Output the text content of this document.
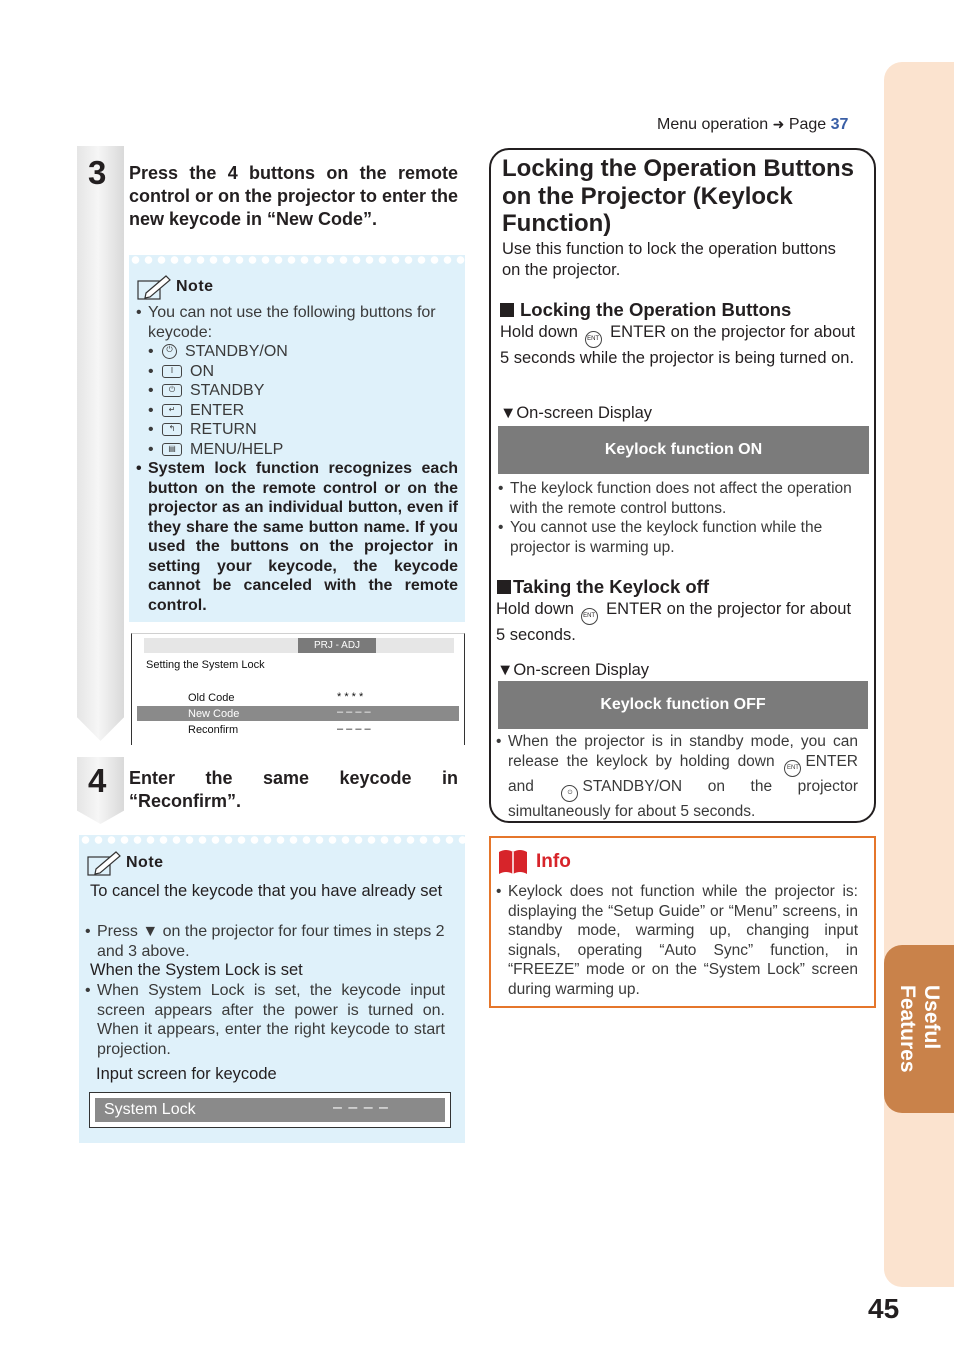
Useful
Features
45
Menu operation ➜ Page 37
3 Press the 4 buttons on the remote control or on the projector to enter the new keycode in “New Code”.
Note
• You can not use the following buttons for keycode:
•	⏻ STANDBY/ON
•	I	ON
•	⏻ STANDBY
•	↵ ENTER
•	↰ RETURN
•	▤ MENU/HELP
• System lock function recognizes each button on the remote control or on the projector as an individual button, even if they share the same button name. If you used the buttons on the projector in setting your keycode, the keycode cannot be canceled with the remote control.
PRJ - ADJ
Setting the System Lock
Old Code	* * * *
New Code	– – – –
Reconfirm	– – – –
4 Enter the same keycode in “Reconfirm”.
Note
To cancel the keycode that you have already set
• Press ▼ on the projector for four times in steps 2 and 3 above.
When the System Lock is set
• When System Lock is set, the keycode input screen appears after the power is turned on. When it appears, enter the right keycode to start projection.
Input screen for keycode
System Lock	– – – –
Locking the Operation Buttons on the Projector (Keylock Function)
Use this function to lock the operation buttons on the projector.
Locking the Operation Buttons
Hold down ENT ENTER on the projector for about 5 seconds while the projector is being turned on.
▼On-screen Display
Keylock function ON
• The keylock function does not affect the operation with the remote control buttons.
• You cannot use the keylock function while the projector is warming up.
Taking the Keylock off
Hold down ENT ENTER on the projector for about 5 seconds.
▼On-screen Display
Keylock function OFF
• When the projector is in standby mode, you can release the keylock by holding down ENT ENTER and	⏻ STANDBY/ON on the projector simultaneously for about 5 seconds.
Info
• Keylock does not function while the projector is: displaying the “Setup Guide” or “Menu” screens, in standby mode, warming up, changing input signals, operating “Auto Sync” function, in “FREEZE” mode or on the “System Lock” screen during warming up.
